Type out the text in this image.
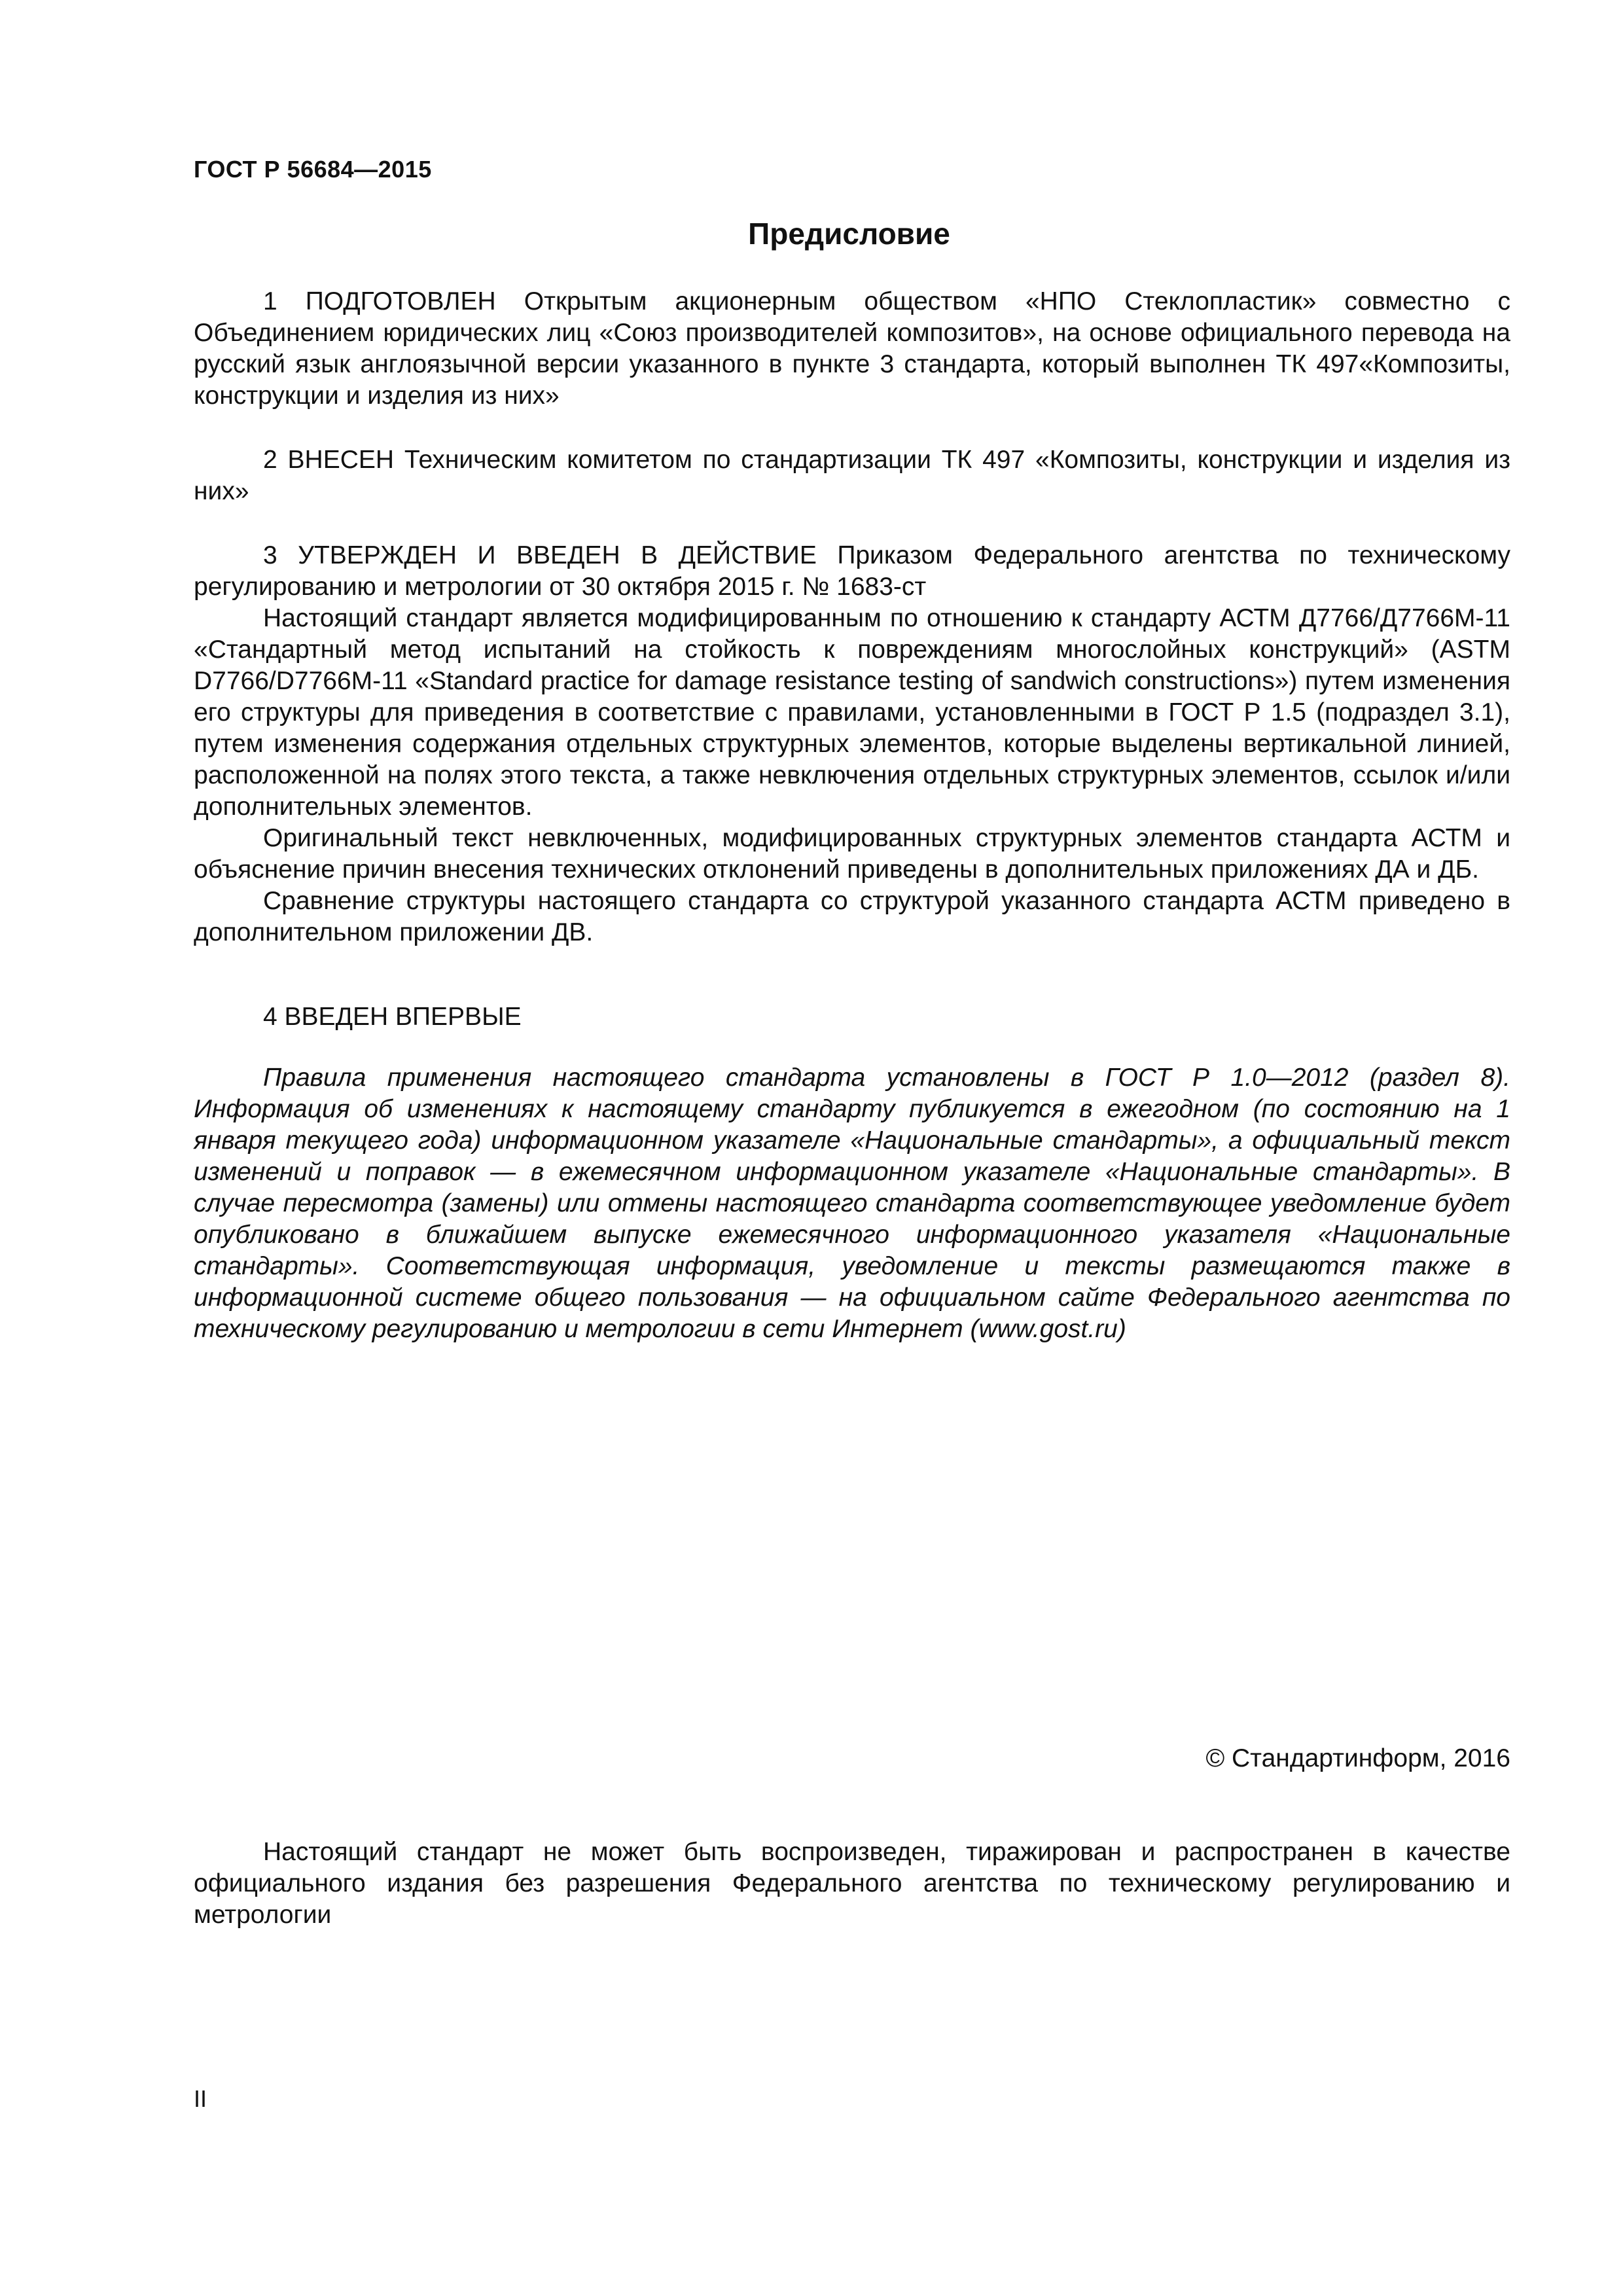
ГОСТ Р 56684—2015
Предисловие

1 ПОДГОТОВЛЕН Открытым акционерным обществом «НПО Стеклопластик» совместно с Объединением юридических лиц «Союз производителей композитов», на основе официального перевода на русский язык англоязычной версии указанного в пункте 3 стандарта, который выполнен ТК 497«Композиты, конструкции и изделия из них»

2 ВНЕСЕН Техническим комитетом по стандартизации ТК 497 «Композиты, конструкции и изделия из них»

3 УТВЕРЖДЕН И ВВЕДЕН В ДЕЙСТВИЕ Приказом Федерального агентства по техническому регулированию и метрологии от 30 октября 2015 г. № 1683-ст

Настоящий стандарт является модифицированным по отношению к стандарту АСТМ Д7766/Д7766М-11 «Стандартный метод испытаний на стойкость к повреждениям многослойных конструкций» (ASTM D7766/D7766M-11 «Standard practice for damage resistance testing of sandwich constructions») путем изменения его структуры для приведения в соответствие с правилами, установленными в ГОСТ Р 1.5 (подраздел 3.1), путем изменения содержания отдельных структурных элементов, которые выделены вертикальной линией, расположенной на полях этого текста, а также невключения отдельных структурных элементов, ссылок и/или дополнительных элементов.

Оригинальный текст невключенных, модифицированных структурных элементов стандарта АСТМ и объяснение причин внесения технических отклонений приведены в дополнительных приложениях ДА и ДБ.

Сравнение структуры настоящего стандарта со структурой указанного стандарта АСТМ приведено в дополнительном приложении ДВ.

4 ВВЕДЕН ВПЕРВЫЕ

Правила применения настоящего стандарта установлены в ГОСТ Р 1.0—2012 (раздел 8). Информация об изменениях к настоящему стандарту публикуется в ежегодном (по состоянию на 1 января текущего года) информационном указателе «Национальные стандарты», а официальный текст изменений и поправок — в ежемесячном информационном указателе «Национальные стандарты». В случае пересмотра (замены) или отмены настоящего стандарта соответствующее уведомление будет опубликовано в ближайшем выпуске ежемесячного информационного указателя «Национальные стандарты». Соответствующая информация, уведомление и тексты размещаются также в информационной системе общего пользования — на официальном сайте Федерального агентства по техническому регулированию и метрологии в сети Интернет (www.gost.ru)

© Стандартинформ, 2016

Настоящий стандарт не может быть воспроизведен, тиражирован и распространен в качестве официального издания без разрешения Федерального агентства по техническому регулированию и метрологии

II
